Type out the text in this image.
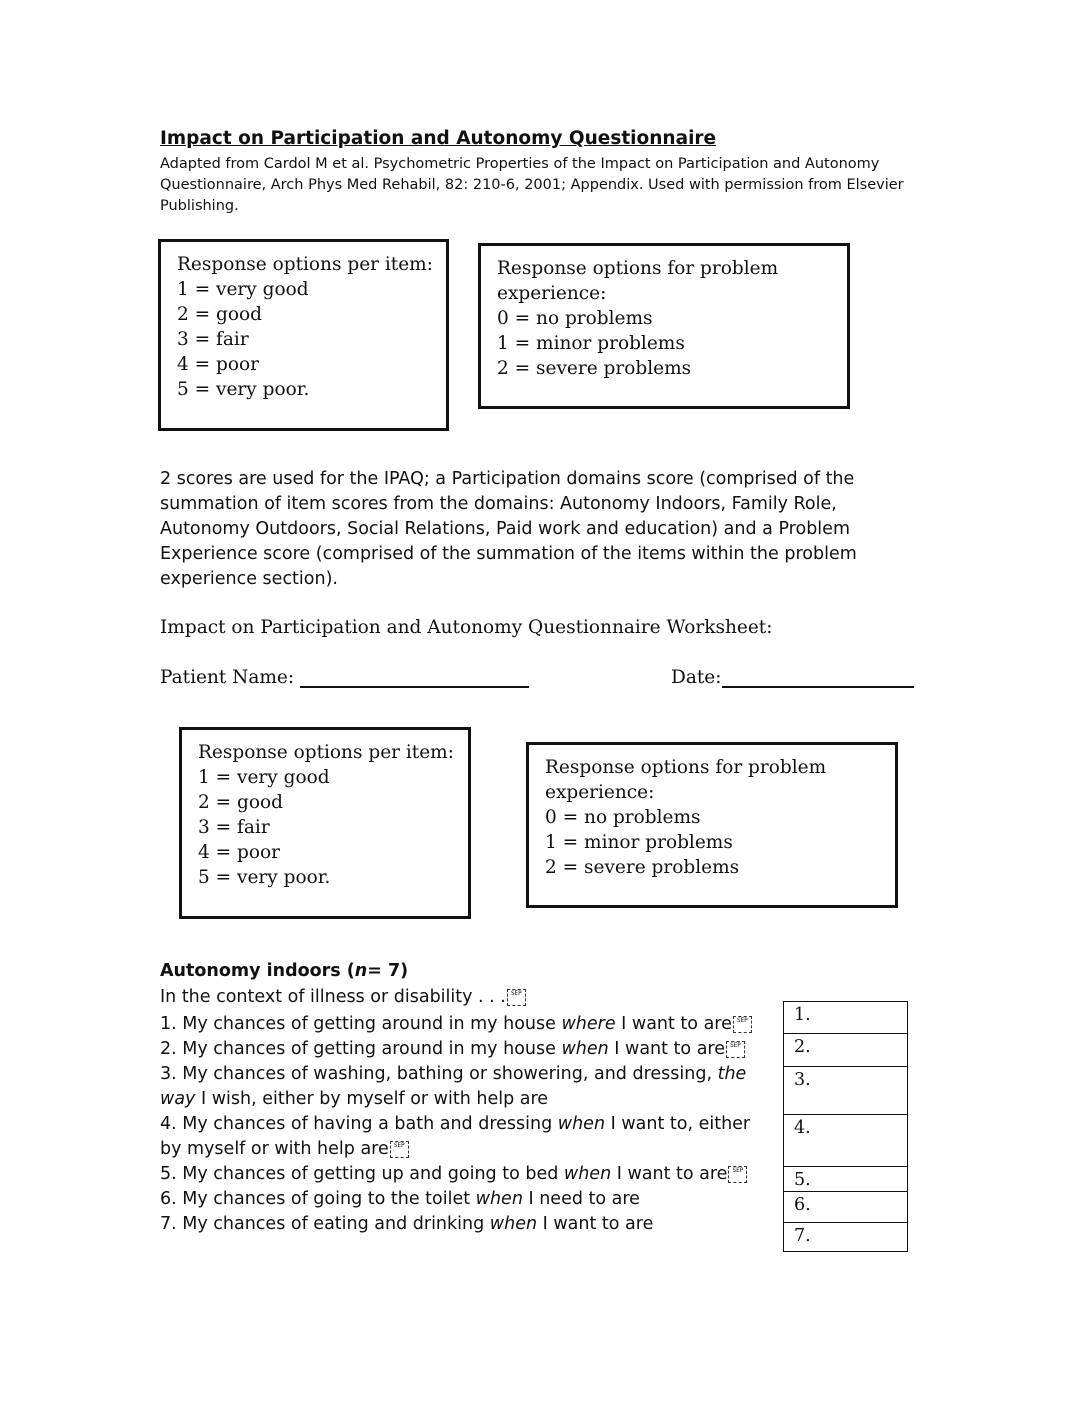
Impact on Participation and Autonomy Questionnaire
Adapted from Cardol M et al. Psychometric Properties of the Impact on Participation and Autonomy Questionnaire, Arch Phys Med Rehabil, 82: 210-6, 2001; Appendix. Used with permission from Elsevier Publishing.
Response options per item:
1 = very good
2 = good
3 = fair
4 = poor
5 = very poor.
Response options for problem
experience:
0 = no problems
1 = minor problems
2 = severe problems
2 scores are used for the IPAQ; a Participation domains score (comprised of the summation of item scores from the domains: Autonomy Indoors, Family Role, Autonomy Outdoors, Social Relations, Paid work and education) and a Problem Experience score (comprised of the summation of the items within the problem experience section).
Impact on Participation and Autonomy Questionnaire Worksheet:
Patient Name:	Date:
Response options per item:
1 = very good
2 = good
3 = fair
4 = poor
5 = very poor.
Response options for problem
experience:
0 = no problems
1 = minor problems
2 = severe problems
Autonomy indoors (n= 7)
In the context of illness or disability . . . SEP
1. My chances of getting around in my house where I want to are SEP
2. My chances of getting around in my house when I want to are SEP
3. My chances of washing, bathing or showering, and dressing, the way I wish, either by myself or with help are
4. My chances of having a bath and dressing when I want to, either by myself or with help are SEP
5. My chances of getting up and going to bed when I want to are SEP
6. My chances of going to the toilet when I need to are
7. My chances of eating and drinking when I want to are
1.
2.
3.
4.
5.
6.
7.
